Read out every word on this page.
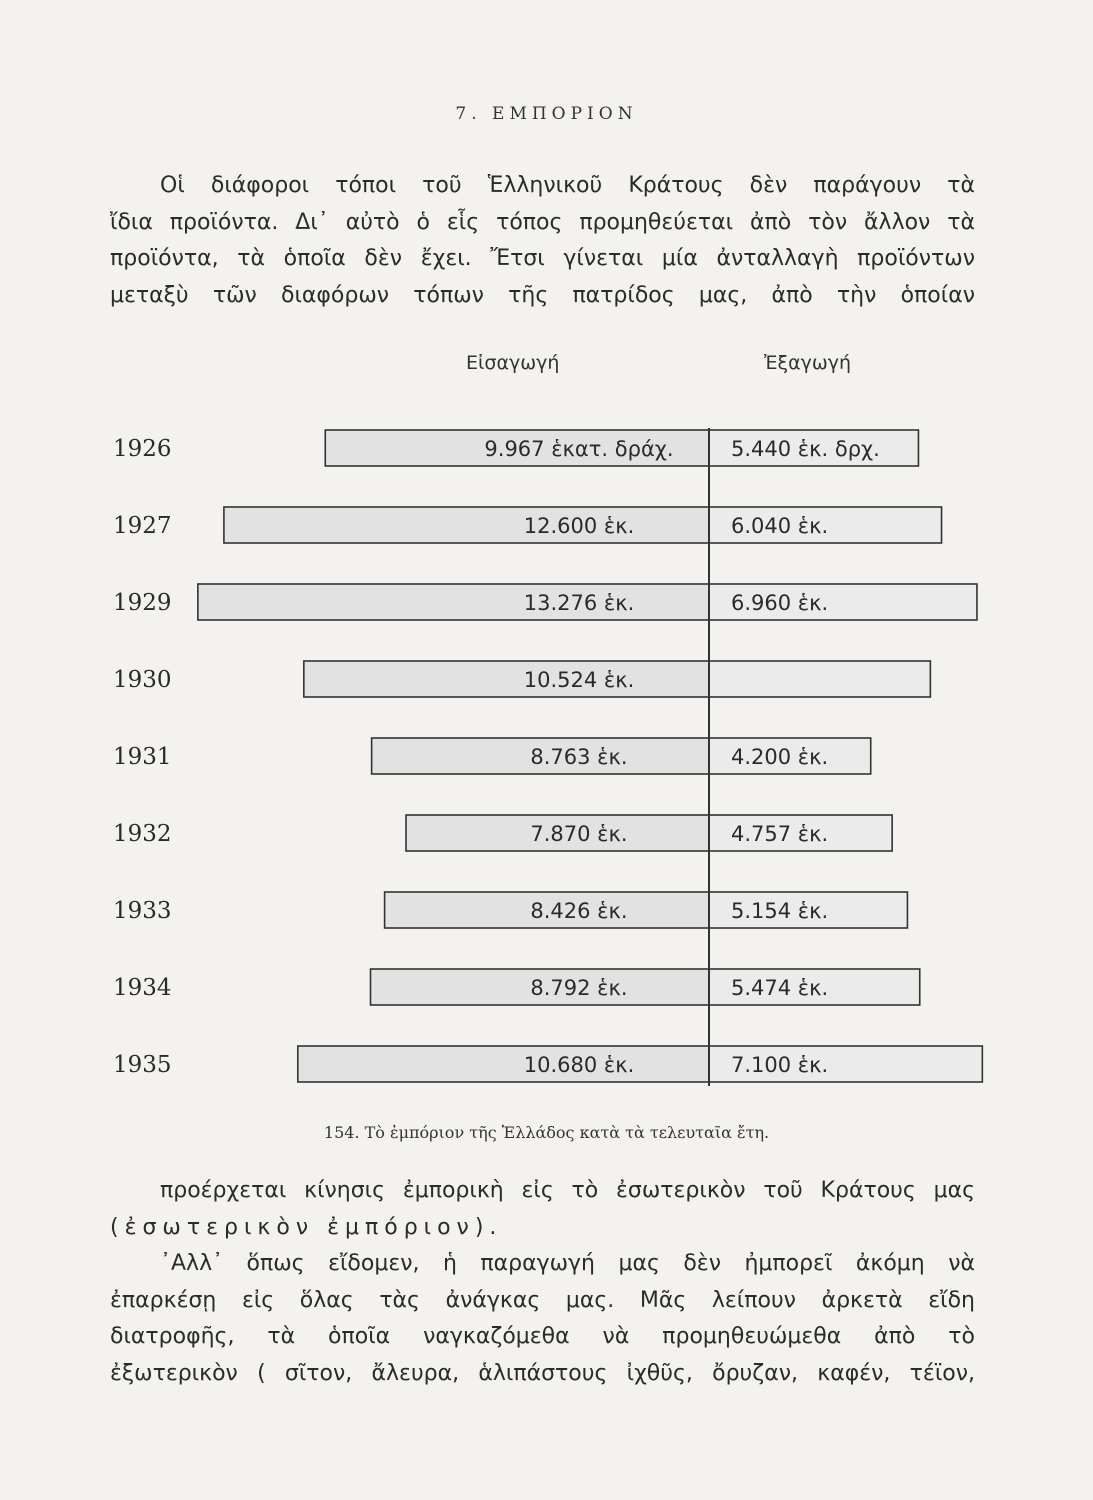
7. ΕΜΠΟΡΙΟΝ
Οἱ διάφοροι τόποι τοῦ Ἑλληνικοῦ Κράτους δὲν παράγουν τὰ
ἴδια προϊόντα. Δι᾽ αὐτὸ ὁ εἷς τόπος προμηθεύεται ἀπὸ τὸν ἄλλον τὰ
προϊόντα, τὰ ὁποῖα δὲν ἔχει. Ἔτσι γίνεται μία ἀνταλλαγὴ προϊόντων
μεταξὺ τῶν διαφόρων τόπων τῆς πατρίδος μας, ἀπὸ τὴν ὁποίαν
Εἰσαγωγή	Ἐξαγωγή
1926	9.967 ἑκατ. δράχ.	5.440 ἑκ. δρχ.
1927	12.600 ἑκ.	6.040 ἑκ.
1929	13.276 ἑκ.	6.960 ἑκ.
1930	10.524 ἑκ.
1931	8.763 ἑκ.	4.200 ἑκ.
1932	7.870 ἑκ.	4.757 ἑκ.
1933	8.426 ἑκ.	5.154 ἑκ.
1934	8.792 ἑκ.	5.474 ἑκ.
1935	10.680 ἑκ.	7.100 ἑκ.
154. Τὸ ἐμπόριον τῆς Ἑλλάδος κατὰ τὰ τελευταῖα ἔτη.
προέρχεται κίνησις ἐμπορικὴ εἰς τὸ ἐσωτερικὸν τοῦ Κράτους μας
(ἐσωτερικὸν ἐμπόριον).
᾽Αλλ᾽ ὅπως εἴδομεν, ἡ παραγωγή μας δὲν ἠμπορεῖ ἀκόμη νὰ
ἐπαρκέσῃ εἰς ὅλας τὰς ἀνάγκας μας. Μᾶς λείπουν ἀρκετὰ εἴδη
διατροφῆς, τὰ ὁποῖα ναγκαζόμεθα νὰ προμηθευώμεθα ἀπὸ τὸ
ἐξωτερικὸν ( σῖτον, ἄλευρα, ἁλιπάστους ἰχθῦς, ὄρυζαν, καφέν, τέϊον,
